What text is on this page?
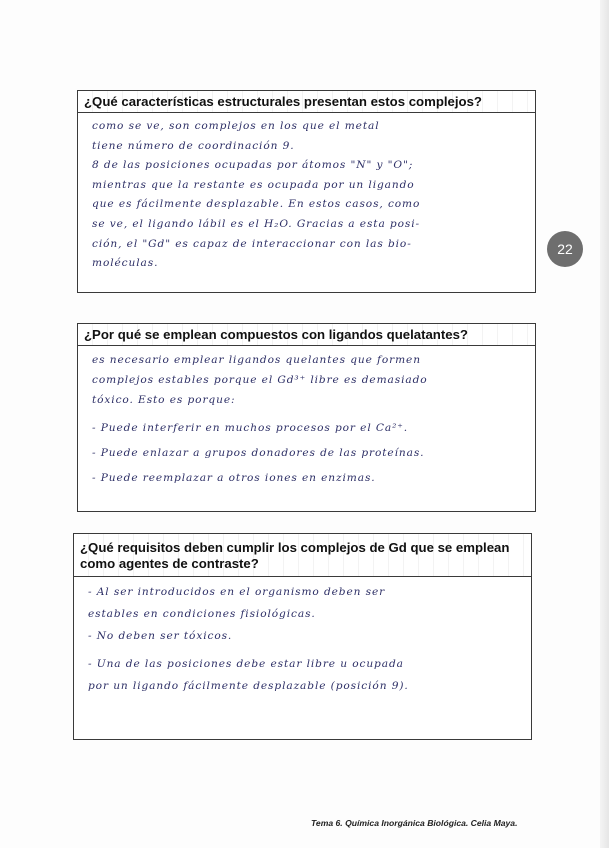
¿Qué características estructurales presentan estos complejos?

como se ve, son complejos en los que el metal

tiene número de coordinación 9.

8 de las posiciones ocupadas por átomos "N" y "O";

mientras que la restante es ocupada por un ligando

que es fácilmente desplazable. En estos casos, como

se ve, el ligando lábil es el H₂O. Gracias a esta posi-

ción, el "Gd" es capaz de interaccionar con las bio-

moléculas.

22
¿Por qué se emplean compuestos con ligandos quelatantes?

es necesario emplear ligandos quelantes que formen

complejos estables porque el Gd³⁺ libre es demasiado

tóxico. Esto es porque:

- Puede interferir en muchos procesos por el Ca²⁺.

- Puede enlazar a grupos donadores de las proteínas.

- Puede reemplazar a otros iones en enzimas.

¿Qué requisitos deben cumplir los complejos de Gd que se emplean
como agentes de contraste?

- Al ser introducidos en el organismo deben ser

estables en condiciones fisiológicas.

- No deben ser tóxicos.

- Una de las posiciones debe estar libre u ocupada

por un ligando fácilmente desplazable (posición 9).

Tema 6. Química Inorgánica Biológica. Celia Maya.
